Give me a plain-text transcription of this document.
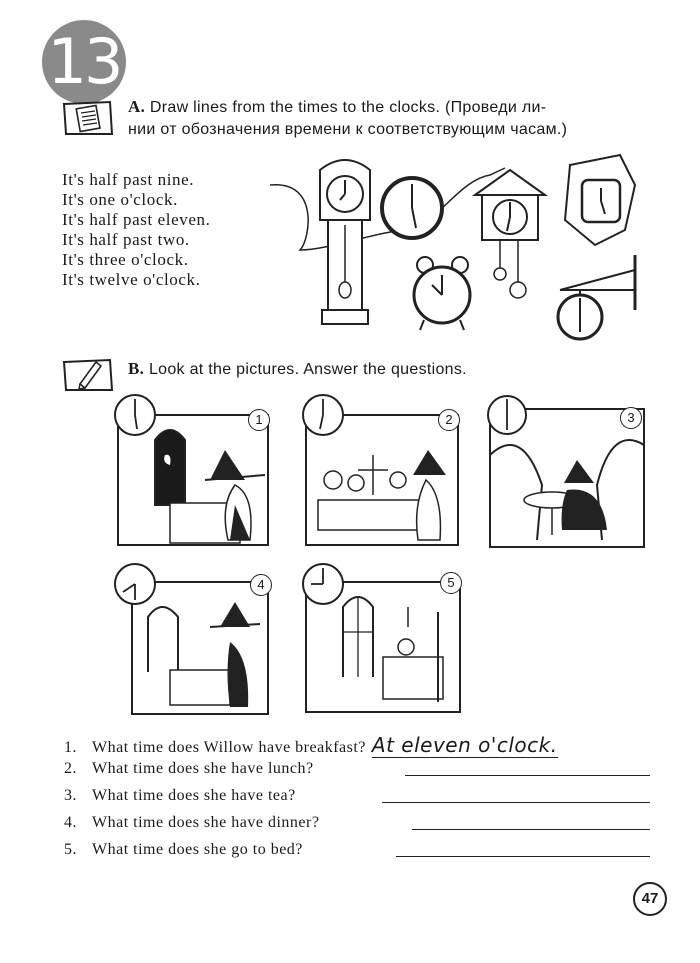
13
A. Draw lines from the times to the clocks. (Проведи ли-
нии от обозначения времени к соответствующим часам.)
It's half past nine.
It's one o'clock.
It's half past eleven.
It's half past two.
It's three o'clock.
It's twelve o'clock.
B. Look at the pictures. Answer the questions.
1	2	3
4	5
1. What time does Willow have breakfast? At eleven o'clock.
2. What time does she have lunch?
3. What time does she have tea?
4. What time does she have dinner?
5. What time does she go to bed?
47
